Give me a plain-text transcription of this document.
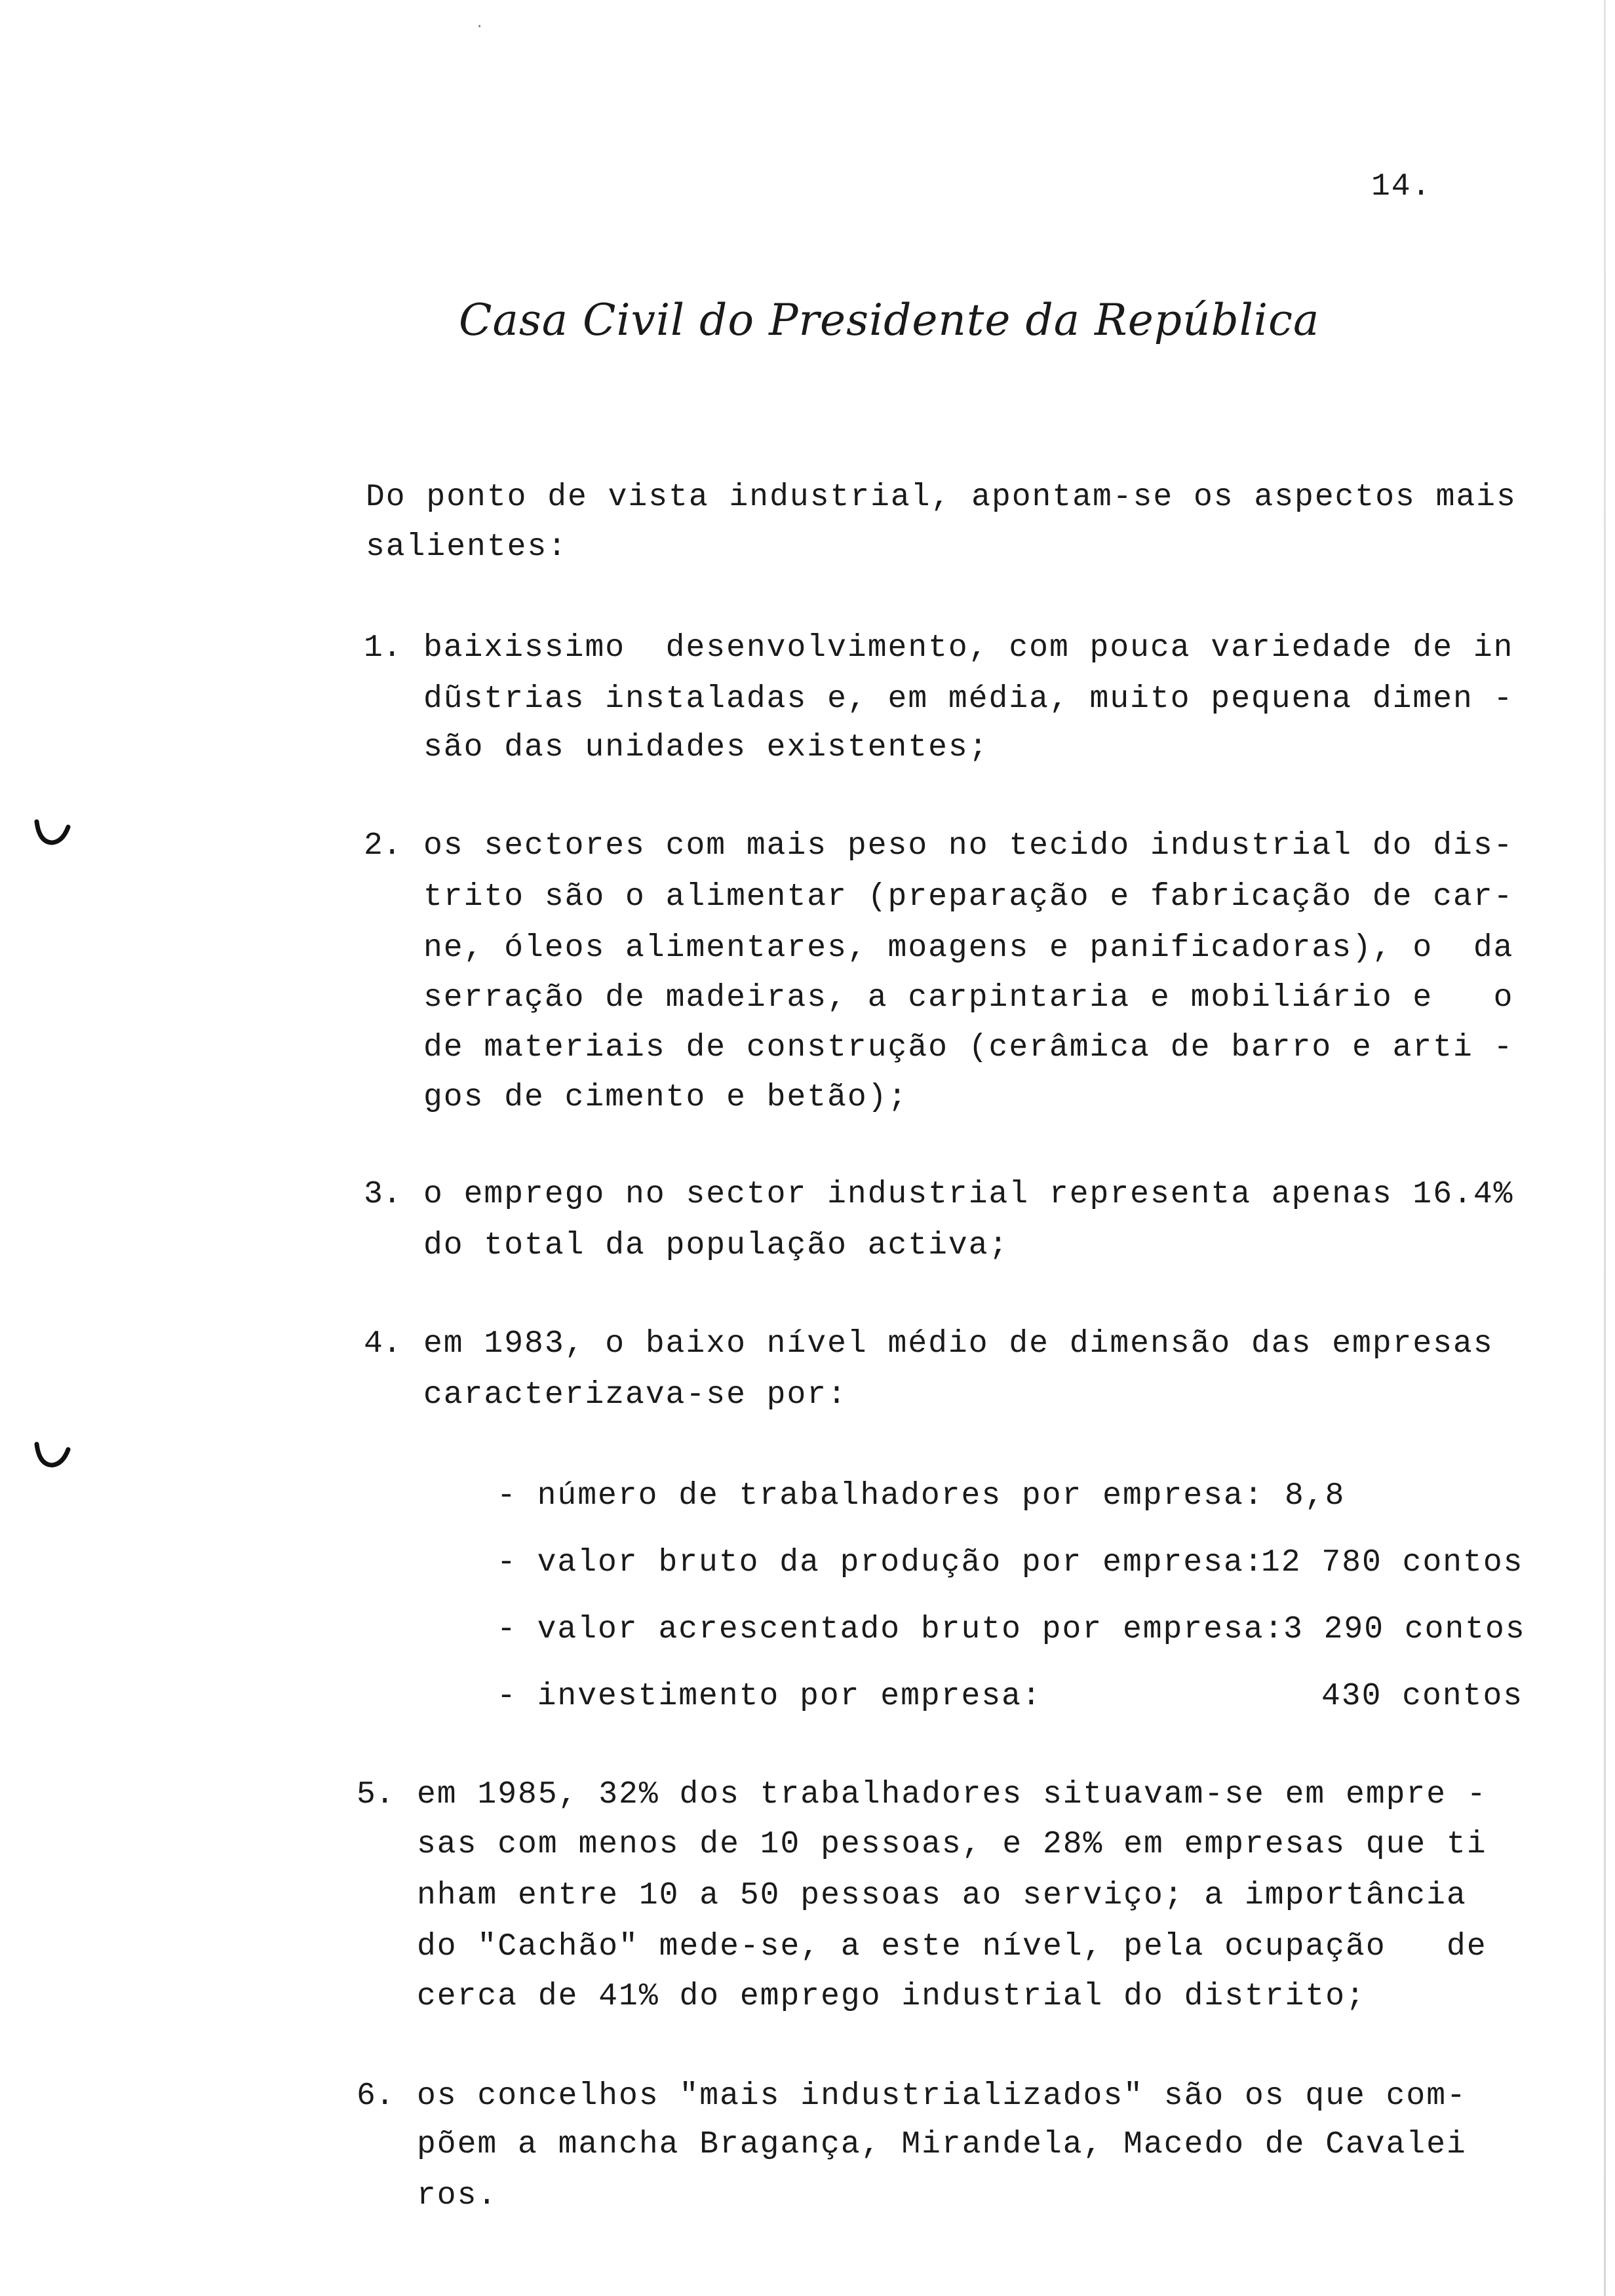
·
14.
Casa Civil do Presidente da República
Do ponto de vista industrial, apontam-se os aspectos mais
salientes:
1. baixissimo  desenvolvimento, com pouca variedade de in
dũstrias instaladas e, em média, muito pequena dimen -
são das unidades existentes;
2. os sectores com mais peso no tecido industrial do dis-
trito são o alimentar (preparação e fabricação de car-
ne, óleos alimentares, moagens e panificadoras), o  da
serração de madeiras, a carpintaria e mobiliário e   o
de materiais de construção (cerâmica de barro e arti -
gos de cimento e betão);
3. o emprego no sector industrial representa apenas 16.4%
do total da população activa;
4. em 1983, o baixo nível médio de dimensão das empresas
caracterizava-se por:
- número de trabalhadores por empresa: 8,8
- valor bruto da produção por empresa:
12 780 contos
- valor acrescentado bruto por empresa:
3 290 contos
- investimento por empresa:	430 contos
5. em 1985, 32% dos trabalhadores situavam-se em empre -
sas com menos de 10 pessoas, e 28% em empresas que ti
nham entre 10 a 50 pessoas ao serviço; a importância
do "Cachão" mede-se, a este nível, pela ocupação   de
cerca de 41% do emprego industrial do distrito;
6. os concelhos "mais industrializados" são os que com-
põem a mancha Bragança, Mirandela, Macedo de Cavalei
ros.
